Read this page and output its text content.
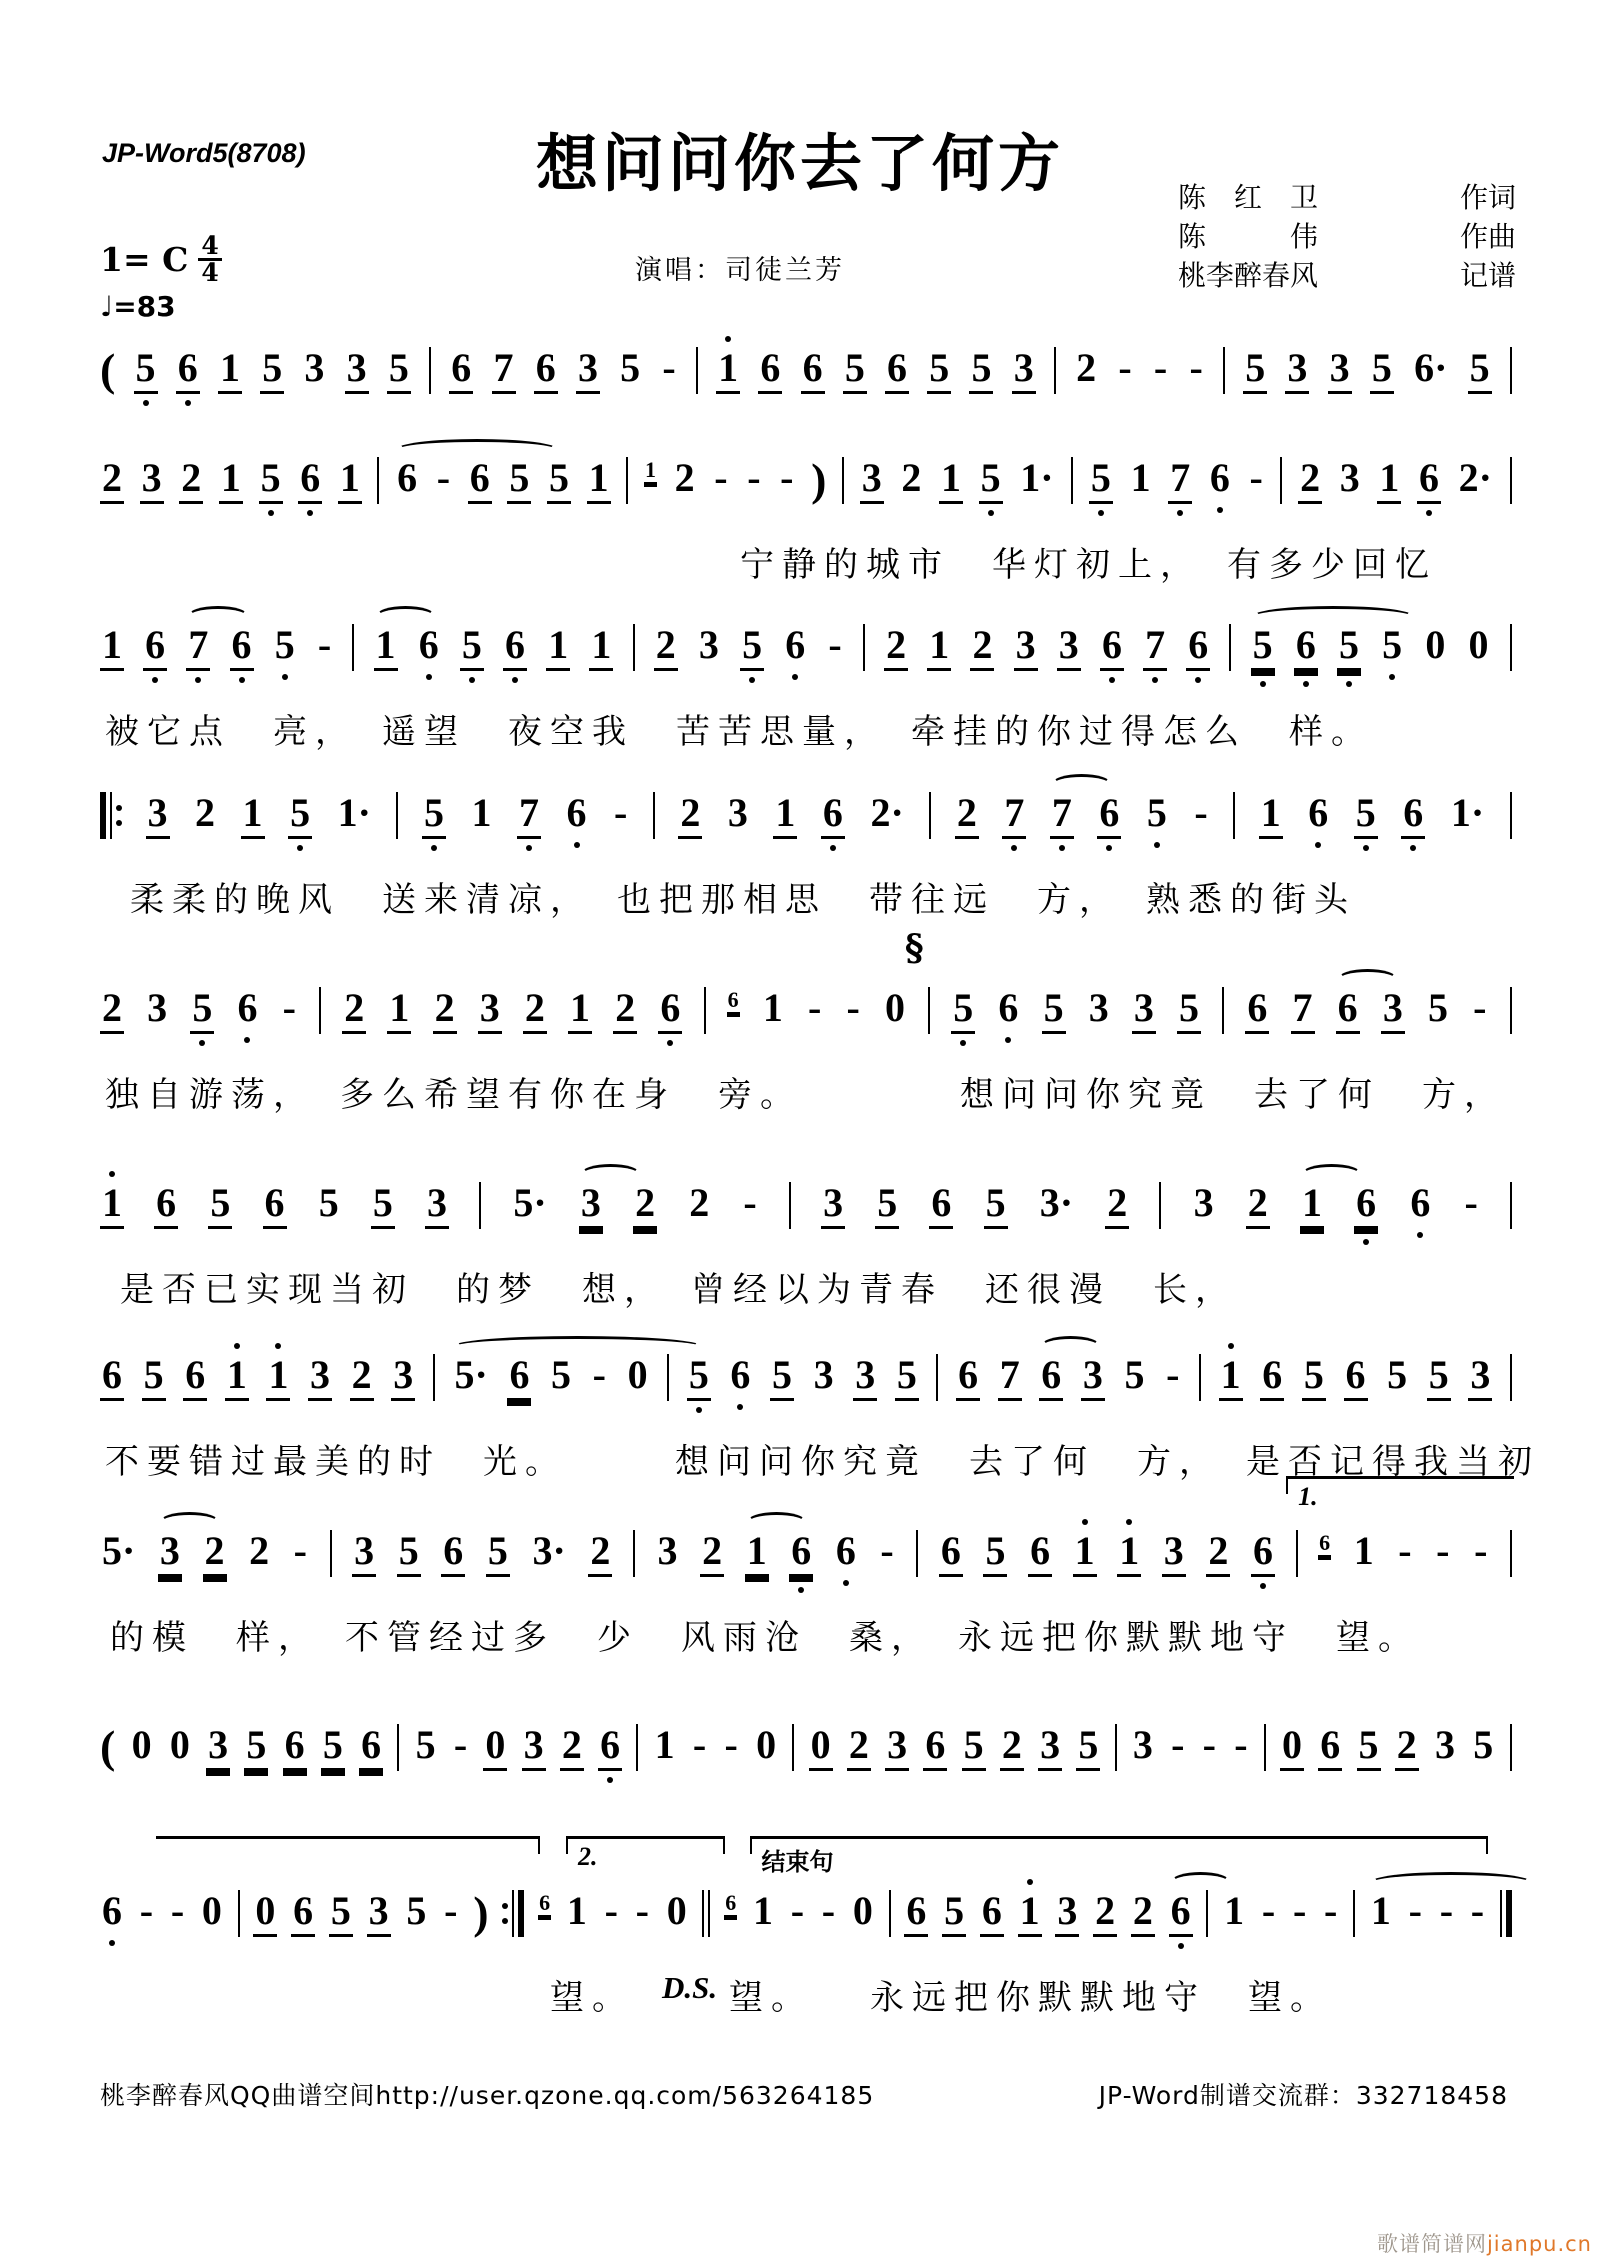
JP-Word5(8708)	想问问你去了何方
演唱：司徒兰芳
陈　红　卫	作词
陈　　　伟	作曲
桃李醉春风	记谱
1= C $\frac{4}{4}$
♩=83
( 5 6 1 5 3 3 5 6 7 6 3 5 - 1 6 6 5 6 5 5 3 2 - - - 5 3 3 5 6· 5
2 3 2 1 5 6 1 6 - 6 5 5 1 1 2 - - - ) 3 2 1 5 1· 5 1 7 6 - 2 3 1 6 2·
宁静的城市　华灯初上，　有多少回忆
1 6 7 6 5 - 1 6 5 6 1 1 2 3 5 6 - 2 1 2 3 3 6 7 6 5 6 5 5 0 0
被它点　亮，　遥望　夜空我　苦苦思量，　牵挂的你过得怎么　样。
3 2 1 5 1· 5 1 7 6 - 2 3 1 6 2· 2 7 7 6 5 - 1 6 5 6 1·
柔柔的晚风　送来清凉，　也把那相思　带往远　方，　熟悉的街头
§
2 3 5 6 - 2 1 2 3 2 1 2 6 6 1 - - 0 5 6 5 3 3 5 6 7 6 3 5 -
独自游荡，　多么希望有你在身　旁。	想问问你究竟　去了何　方，
1 6 5 6 5 5 3 5· 3 2 2 - 3 5 6 5 3· 2 3 2 1 6 6 -
是否已实现当初　的梦　想，　曾经以为青春　还很漫　长，
6 5 6 1 1 3 2 3 5· 6 5 - 0 5 6 5 3 3 5 6 7 6 3 5 - 1 6 5 6 5 5 3
不要错过最美的时　光。	想问问你究竟　去了何　方，　是否记得我当初
1.
5· 3 2 2 - 3 5 6 5 3· 2 3 2 1 6 6 - 6 5 6 1 1 3 2 6 6 1 - - -
的模　样，　不管经过多　少　风雨沧　桑，　永远把你默默地守　望。
( 0 0 3 5 6 5 6 5 - 0 3 2 6 1 - - 0 0 2 3 6 5 2 3 5 3 - - - 0 6 5 2 3 5
2.	结束句
6 - - 0 0 6 5 3 5 - ) 6 1 - - 0 6 1 - - 0 6 5 6 1 3 2 2 6 1 - - - 1 - - -
望。 D.S. 望。 永远把你默默地守　望。
桃李醉春风QQ曲谱空间http://user.qzone.qq.com/563264185	JP-Word制谱交流群：332718458
歌谱简谱网jianpu.cn
